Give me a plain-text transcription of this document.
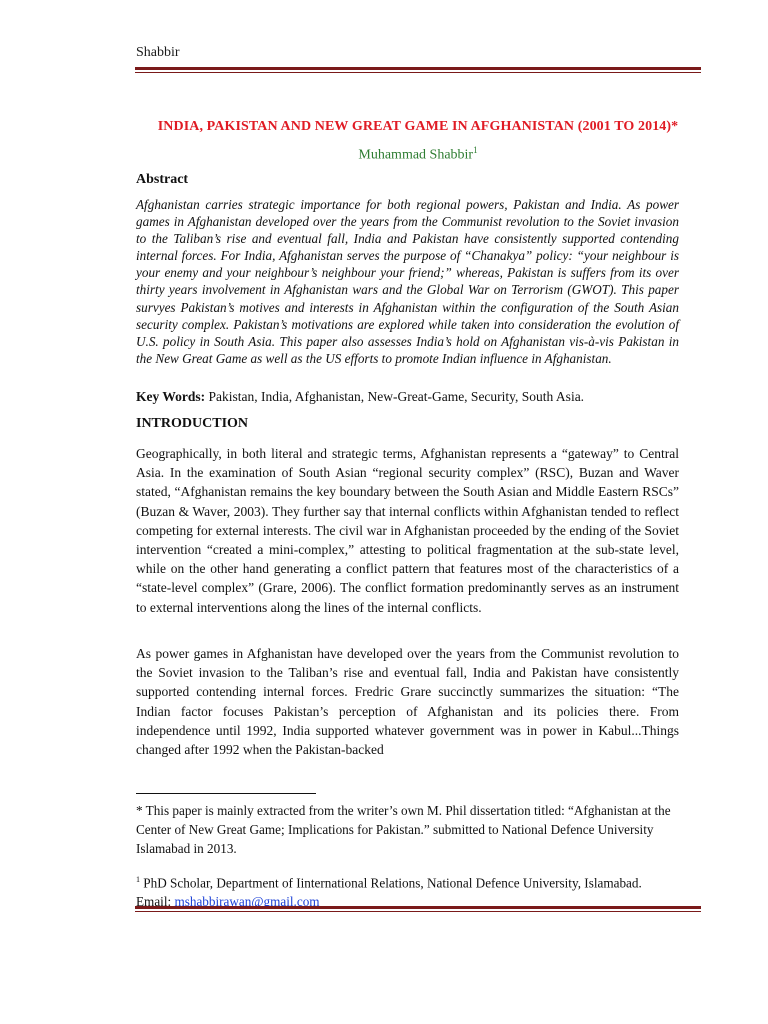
Shabbir
INDIA, PAKISTAN AND NEW GREAT GAME IN AFGHANISTAN (2001 TO 2014)*
Muhammad Shabbir$^1$
Abstract
Afghanistan carries strategic importance for both regional powers, Pakistan and India. As power games in Afghanistan developed over the years from the Communist revolution to the Soviet invasion to the Taliban’s rise and eventual fall, India and Pakistan have consistently supported contending internal forces. For India, Afghanistan serves the purpose of “Chanakya” policy: “your neighbour is your enemy and your neighbour’s neighbour your friend;” whereas, Pakistan is suffers from its over thirty years involvement in Afghanistan wars and the Global War on Terrorism (GWOT). This paper survyes Pakistan’s motives and interests in Afghanistan within the configuration of the South Asian security complex. Pakistan’s motivations are explored while taken into consideration the evolution of U.S. policy in South Asia. This paper also assesses India’s hold on Afghanistan vis-à-vis Pakistan in the New Great Game as well as the US efforts to promote Indian influence in Afghanistan.
Key Words: Pakistan, India, Afghanistan, New-Great-Game, Security, South Asia.
INTRODUCTION
Geographically, in both literal and strategic terms, Afghanistan represents a “gateway” to Central Asia. In the examination of South Asian “regional security complex” (RSC), Buzan and Waver stated, “Afghanistan remains the key boundary between the South Asian and Middle Eastern RSCs” (Buzan & Waver, 2003). They further say that internal conflicts within Afghanistan tended to reflect competing for external interests. The civil war in Afghanistan proceeded by the ending of the Soviet intervention “created a mini-complex,” attesting to political fragmentation at the sub-state level, while on the other hand generating a conflict pattern that features most of the characteristics of a “state-level complex” (Grare, 2006). The conflict formation predominantly serves as an instrument to external interventions along the lines of the internal conflicts.
As power games in Afghanistan have developed over the years from the Communist revolution to the Soviet invasion to the Taliban’s rise and eventual fall, India and Pakistan have consistently supported contending internal forces. Fredric Grare succinctly summarizes the situation: “The Indian factor focuses Pakistan’s perception of Afghanistan and its policies there. From independence until 1992, India supported whatever government was in power in Kabul...Things changed after 1992 when the Pakistan-backed
* This paper is mainly extracted from the writer’s own M. Phil dissertation titled: “Afghanistan at the Center of New Great Game; Implications for Pakistan.” submitted to National Defence University Islamabad in 2013.
$^1$ PhD Scholar, Department of Iinternational Relations, National Defence University, Islamabad.
Email: mshabbirawan@gmail.com
